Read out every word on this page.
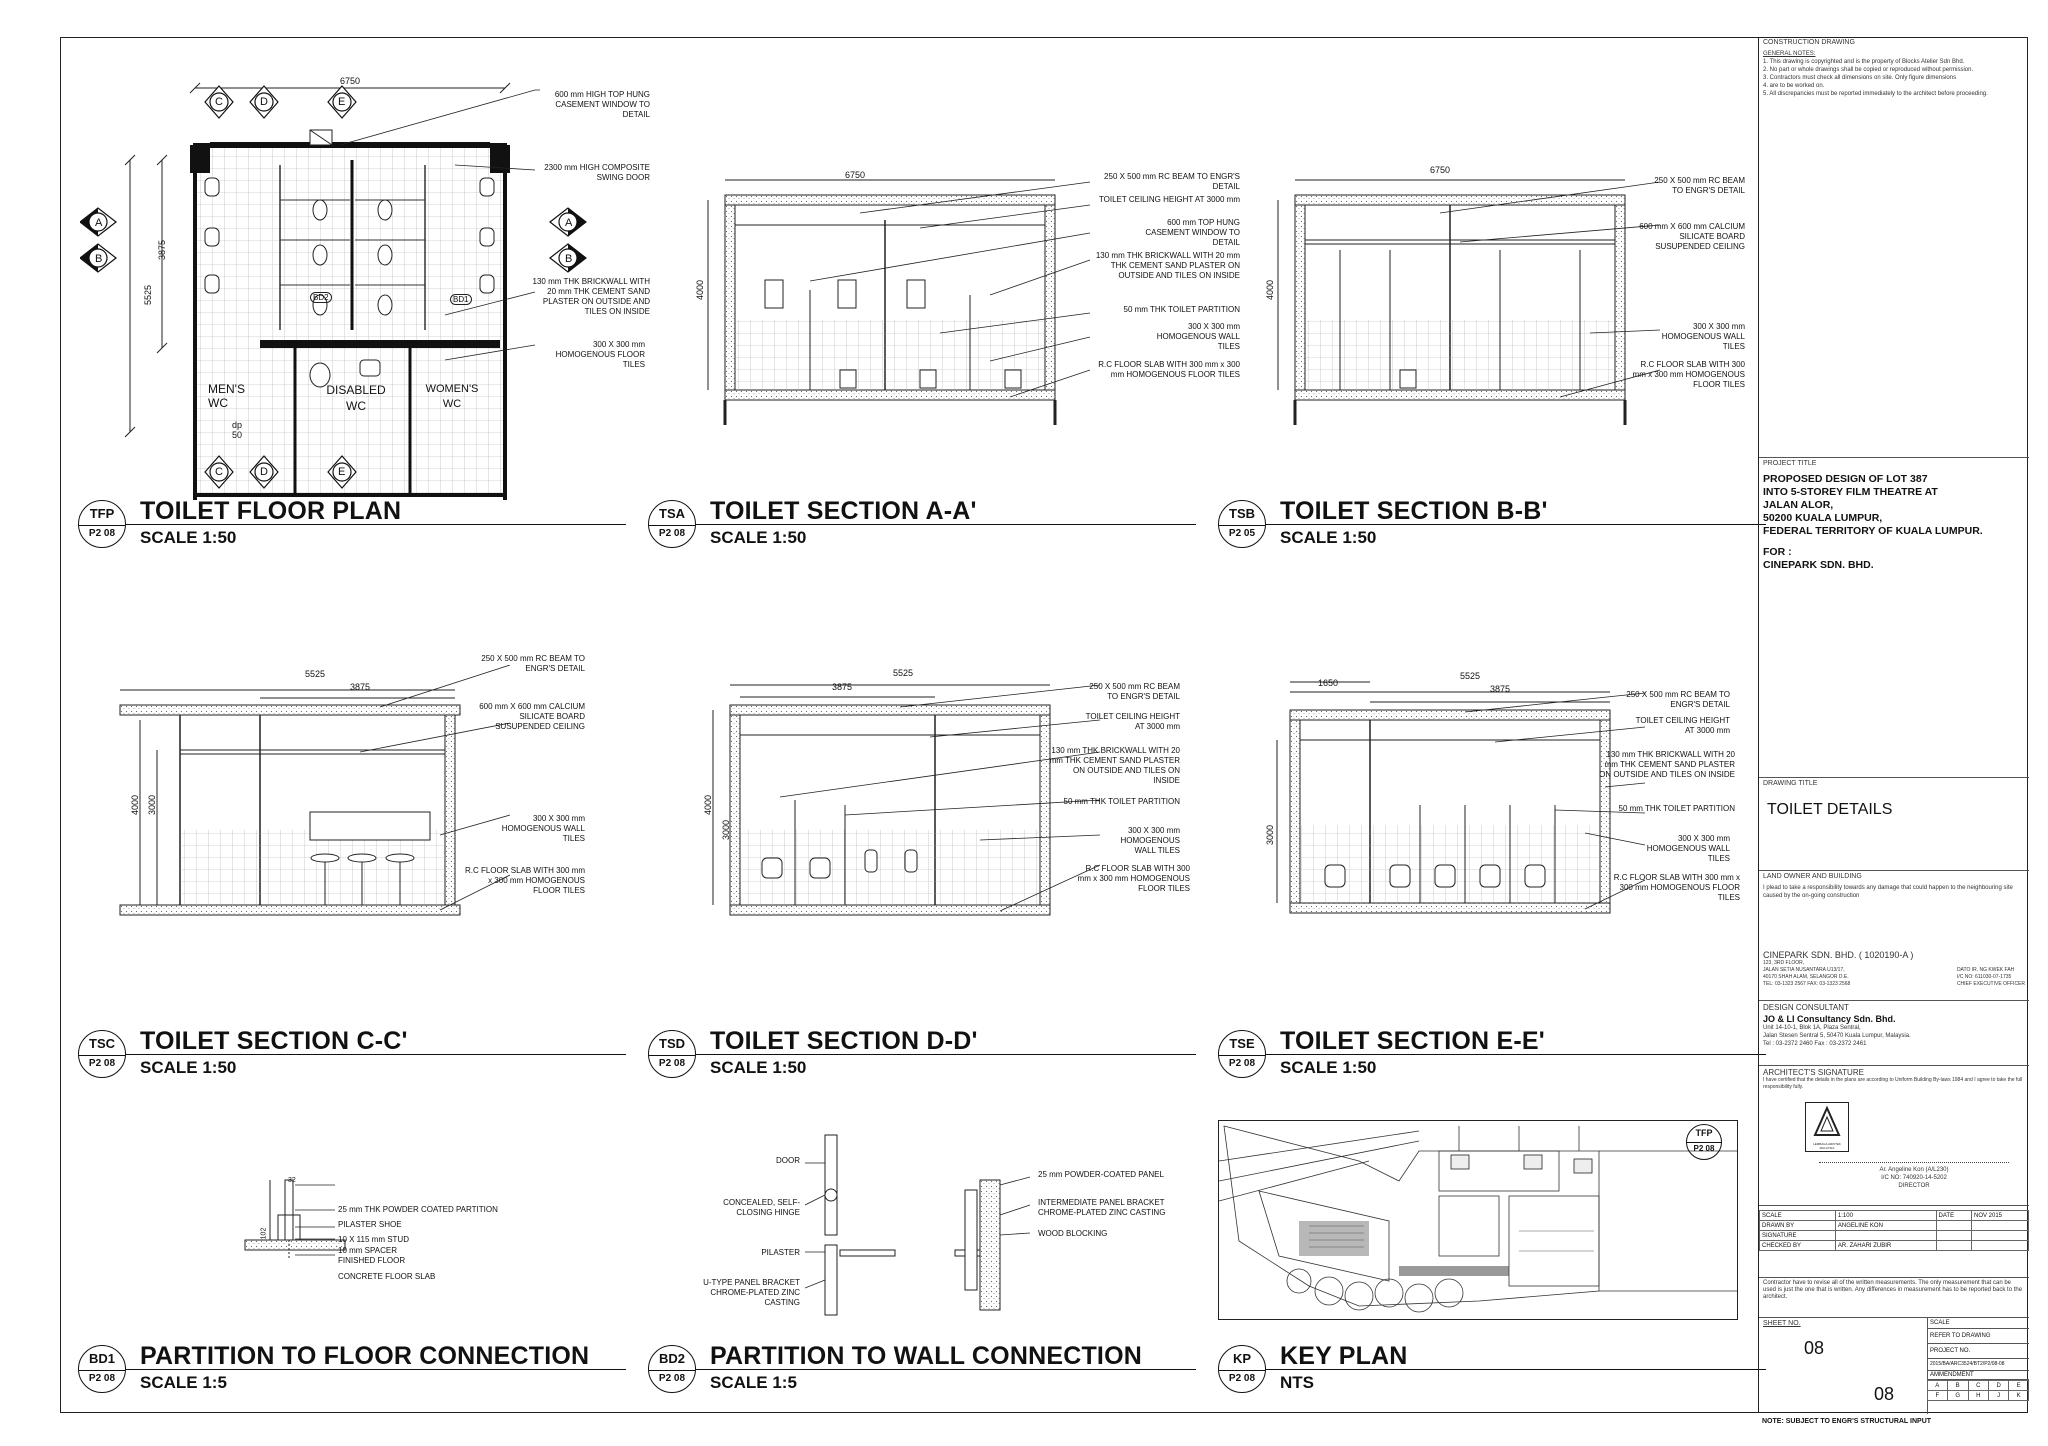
6750
5525
3875
A
B
A
B
C	D	E
C	D	E
MEN'S WC
DISABLED WC
WOMEN'S WC
BD2	BD1
dp 50
600 mm HIGH TOP HUNG CASEMENT WINDOW TO DETAIL
2300 mm HIGH COMPOSITE SWING DOOR
130 mm THK BRICKWALL WITH 20 mm THK CEMENT SAND PLASTER ON OUTSIDE AND TILES ON INSIDE
300 X 300 mm HOMOGENOUS FLOOR TILES
6750
4000
250 X 500 mm RC BEAM TO ENGR'S DETAIL
TOILET CEILING HEIGHT AT 3000 mm
600 mm TOP HUNG CASEMENT WINDOW TO DETAIL
130 mm THK BRICKWALL WITH 20 mm THK CEMENT SAND PLASTER ON OUTSIDE AND TILES ON INSIDE
50 mm THK TOILET PARTITION
300 X 300 mm HOMOGENOUS WALL TILES
R.C FLOOR SLAB WITH 300 mm x 300 mm HOMOGENOUS FLOOR TILES
6750
4000
250 X 500 mm RC BEAM TO ENGR'S DETAIL
600 mm X 600 mm CALCIUM SILICATE BOARD SUSUPENDED CEILING
300 X 300 mm HOMOGENOUS WALL TILES
R.C FLOOR SLAB WITH 300 mm x 300 mm HOMOGENOUS FLOOR TILES
5525
3875
4000 3000
250 X 500 mm RC BEAM TO ENGR'S DETAIL
600 mm X 600 mm CALCIUM SILICATE BOARD SUSUPENDED CEILING
300 X 300 mm HOMOGENOUS WALL TILES
R.C FLOOR SLAB WITH 300 mm x 300 mm HOMOGENOUS FLOOR TILES
5525
3875
4000
3000
250 X 500 mm RC BEAM TO ENGR'S DETAIL
TOILET CEILING HEIGHT AT 3000 mm
130 mm THK BRICKWALL WITH 20 mm THK CEMENT SAND PLASTER ON OUTSIDE AND TILES ON INSIDE
50 mm THK TOILET PARTITION
300 X 300 mm HOMOGENOUS WALL TILES
R.C FLOOR SLAB WITH 300 mm x 300 mm HOMOGENOUS FLOOR TILES
5525
1650
3875
3000
250 X 500 mm RC BEAM TO ENGR'S DETAIL
TOILET CEILING HEIGHT AT 3000 mm
130 mm THK BRICKWALL WITH 20 mm THK CEMENT SAND PLASTER ON OUTSIDE AND TILES ON INSIDE
50 mm THK TOILET PARTITION
300 X 300 mm HOMOGENOUS WALL TILES
R.C FLOOR SLAB WITH 300 mm x 300 mm HOMOGENOUS FLOOR TILES
32
102
25 mm THK POWDER COATED PARTITION
PILASTER SHOE
10 X 115 mm STUD
10 mm SPACER FINISHED FLOOR
CONCRETE FLOOR SLAB
DOOR
CONCEALED, SELF-CLOSING HINGE
PILASTER
U-TYPE PANEL BRACKET CHROME-PLATED ZINC CASTING
25 mm POWDER-COATED PANEL
INTERMEDIATE PANEL BRACKET CHROME-PLATED ZINC CASTING
WOOD BLOCKING
TFP
P2 08
TFP
P2 08
TOILET FLOOR PLAN
SCALE 1:50
TSA
P2 08
TOILET SECTION A-A'
SCALE 1:50
TSB
P2 05
TOILET SECTION B-B'
SCALE 1:50
TSC
P2 08
TOILET SECTION C-C'
SCALE 1:50
TSD
P2 08
TOILET SECTION D-D'
SCALE 1:50
TSE
P2 08
TOILET SECTION E-E'
SCALE 1:50
BD1
P2 08
PARTITION TO FLOOR CONNECTION
SCALE 1:5
BD2
P2 08
PARTITION TO WALL CONNECTION
SCALE 1:5
KP
P2 08
KEY PLAN
NTS
CONSTRUCTION DRAWING
GENERAL NOTES:
1. This drawing is copyrighted and is the property of Blocks Atelier Sdn Bhd.
2. No part or whole drawings shall be copied or reproduced without permission.
3. Contractors must check all dimensions on site. Only figure dimensions
4. are to be worked on.
5. All discrepancies must be reported immediately to the architect before proceeding.
PROJECT TITLE
PROPOSED DESIGN OF LOT 387
INTO 5-STOREY FILM THEATRE AT
JALAN ALOR,
50200 KUALA LUMPUR,
FEDERAL TERRITORY OF KUALA LUMPUR.
FOR :
CINEPARK SDN. BHD.
DRAWING TITLE
TOILET DETAILS
LAND OWNER AND BUILDING
I plead to take a responsibility towards any damage that could happen to the neighbouring site caused by the on-going construction
CINEPARK SDN. BHD. ( 1020190-A )
123, 3RD FLOOR,
JALAN SETIA NUSANTARA U13/17,
40170 SHAH ALAM, SELANGOR D.E.
TEL: 03-1323 2567 FAX: 03-1323 2568
DATO IR. NG KWEK FAH
I/C NO: 611030-07-1735
CHIEF EXECUTIVE OFFICER
DESIGN CONSULTANT
JO & LI Consultancy Sdn. Bhd.
Unit 14-10-1, Blok 1A, Plaza Sentral,
Jalan Stesen Sentral 5, 50470 Kuala Lumpur, Malaysia.
Tel : 03-2372 2460 Fax : 03-2372 2461
ARCHITECT'S SIGNATURE
I have certified that the details in the plans are according to Uniform Building By-laws 1984 and I agree to take the full responsibility fully.
LEMBAGA ARKITEK MALAYSIA
Ar. Angeline Kon (A/L230)
I/C NO: 740920-14-5202
DIRECTOR
SCALE	1:100	DATE	NOV 2015
DRAWN BY	ANGELINE KON		
SIGNATURE			
CHECKED BY	AR. ZAHARI ZUBIR		
Contractor have to revise all of the written measurements. The only measurement that can be used is just the one that is written. Any differences in measurement has to be reported back to the architect.
SHEET NO.
08
08
SCALE
REFER TO DRAWING
PROJECT NO.
2015/BA/ARC3524/BT2/P2/08-08
AMMENDMENT
A	B	C	D	E
F	G	H	J	K
NOTE: SUBJECT TO ENGR'S STRUCTURAL INPUT
